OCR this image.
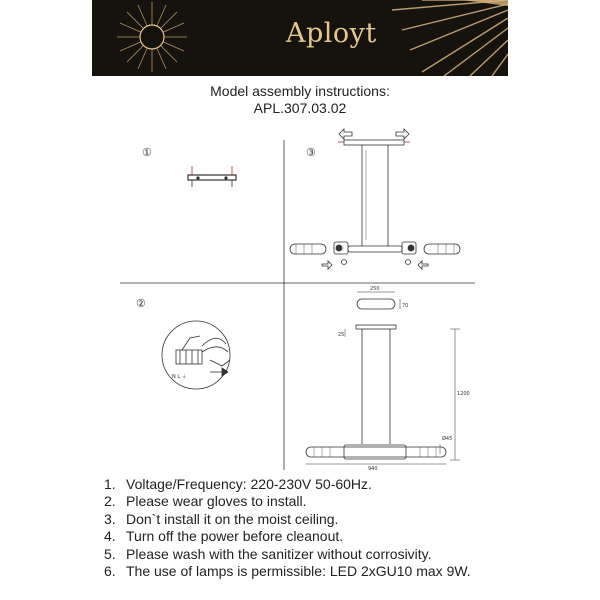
Aployt
Model assembly instructions:
APL.307.03.02
N L ⏚
250
70
25
1200
Ø45
940
①
②
③
1. Voltage/Frequency: 220-230V 50-60Hz.
2. Please wear gloves to install.
3. Don`t install it on the moist ceiling.
4. Turn off the power before cleanout.
5. Please wash with the sanitizer without corrosivity.
6. The use of lamps is permissible: LED 2xGU10 max 9W.
